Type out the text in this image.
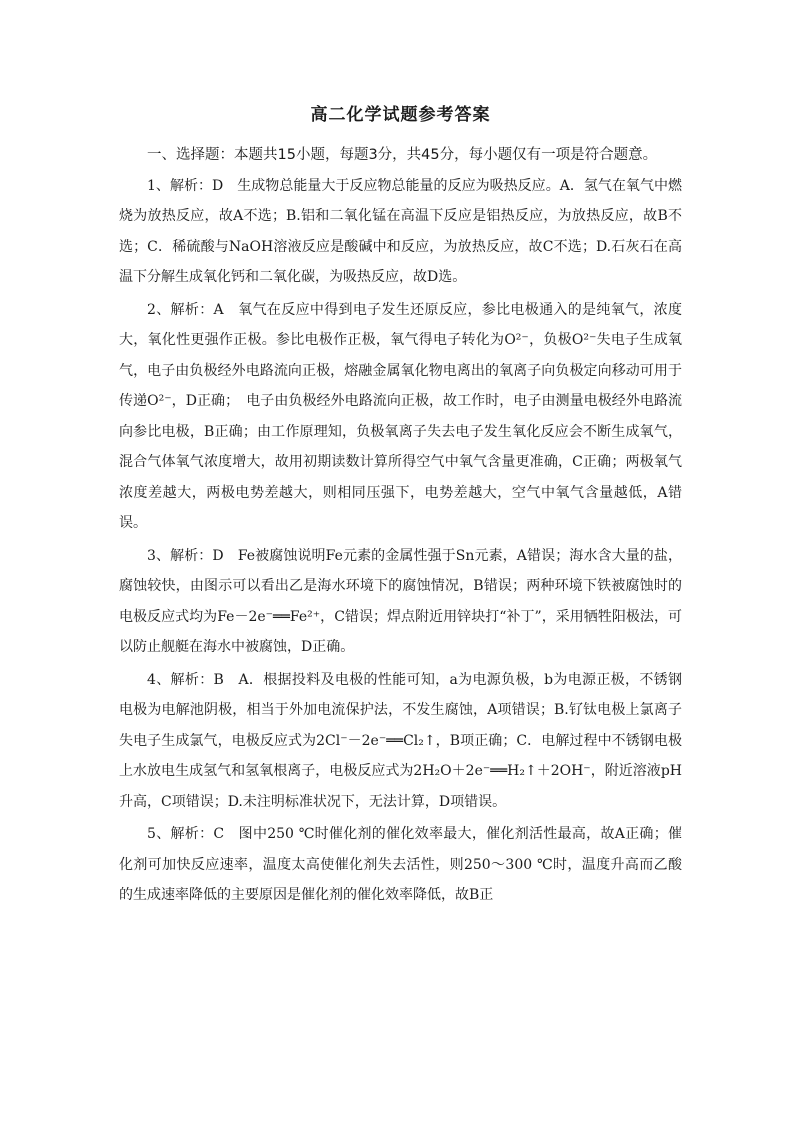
高二化学试题参考答案
一、选择题：本题共15小题，每题3分，共45分，每小题仅有一项是符合题意。
1、解析：D　生成物总能量大于反应物总能量的反应为吸热反应。A．氢气在氧气中燃烧为放热反应，故A不选；B.铝和二氧化锰在高温下反应是铝热反应，为放热反应，故B不选；C．稀硫酸与NaOH溶液反应是酸碱中和反应，为放热反应，故C不选；D.石灰石在高温下分解生成氧化钙和二氧化碳，为吸热反应，故D选。
2、解析：A　氧气在反应中得到电子发生还原反应，参比电极通入的是纯氧气，浓度大，氧化性更强作正极。参比电极作正极，氧气得电子转化为O²⁻，负极O²⁻失电子生成氧气，电子由负极经外电路流向正极，熔融金属氧化物电离出的氧离子向负极定向移动可用于传递O²⁻，D正确；　电子由负极经外电路流向正极，故工作时，电子由测量电极经外电路流向参比电极，B正确；由工作原理知，负极氧离子失去电子发生氧化反应会不断生成氧气，混合气体氧气浓度增大，故用初期读数计算所得空气中氧气含量更准确，C正确；两极氧气浓度差越大，两极电势差越大，则相同压强下，电势差越大，空气中氧气含量越低，A错误。
3、解析：D　Fe被腐蚀说明Fe元素的金属性强于Sn元素，A错误；海水含大量的盐，腐蚀较快，由图示可以看出乙是海水环境下的腐蚀情况，B错误；两种环境下铁被腐蚀时的电极反应式均为Fe－2e⁻══Fe²⁺，C错误；焊点附近用锌块打“补丁”，采用牺牲阳极法，可以防止舰艇在海水中被腐蚀，D正确。
4、解析：B　A．根据投料及电极的性能可知，a为电源负极，b为电源正极，不锈钢电极为电解池阴极，相当于外加电流保护法，不发生腐蚀，A项错误；B.钌钛电极上氯离子失电子生成氯气，电极反应式为2Cl⁻－2e⁻══Cl₂↑，B项正确；C．电解过程中不锈钢电极上水放电生成氢气和氢氧根离子，电极反应式为2H₂O＋2e⁻══H₂↑＋2OH⁻，附近溶液pH升高，C项错误；D.未注明标准状况下，无法计算，D项错误。
5、解析：C　图中250 ℃时催化剂的催化效率最大，催化剂活性最高，故A正确；催化剂可加快反应速率，温度太高使催化剂失去活性，则250～300 ℃时，温度升高而乙酸的生成速率降低的主要原因是催化剂的催化效率降低，故B正
